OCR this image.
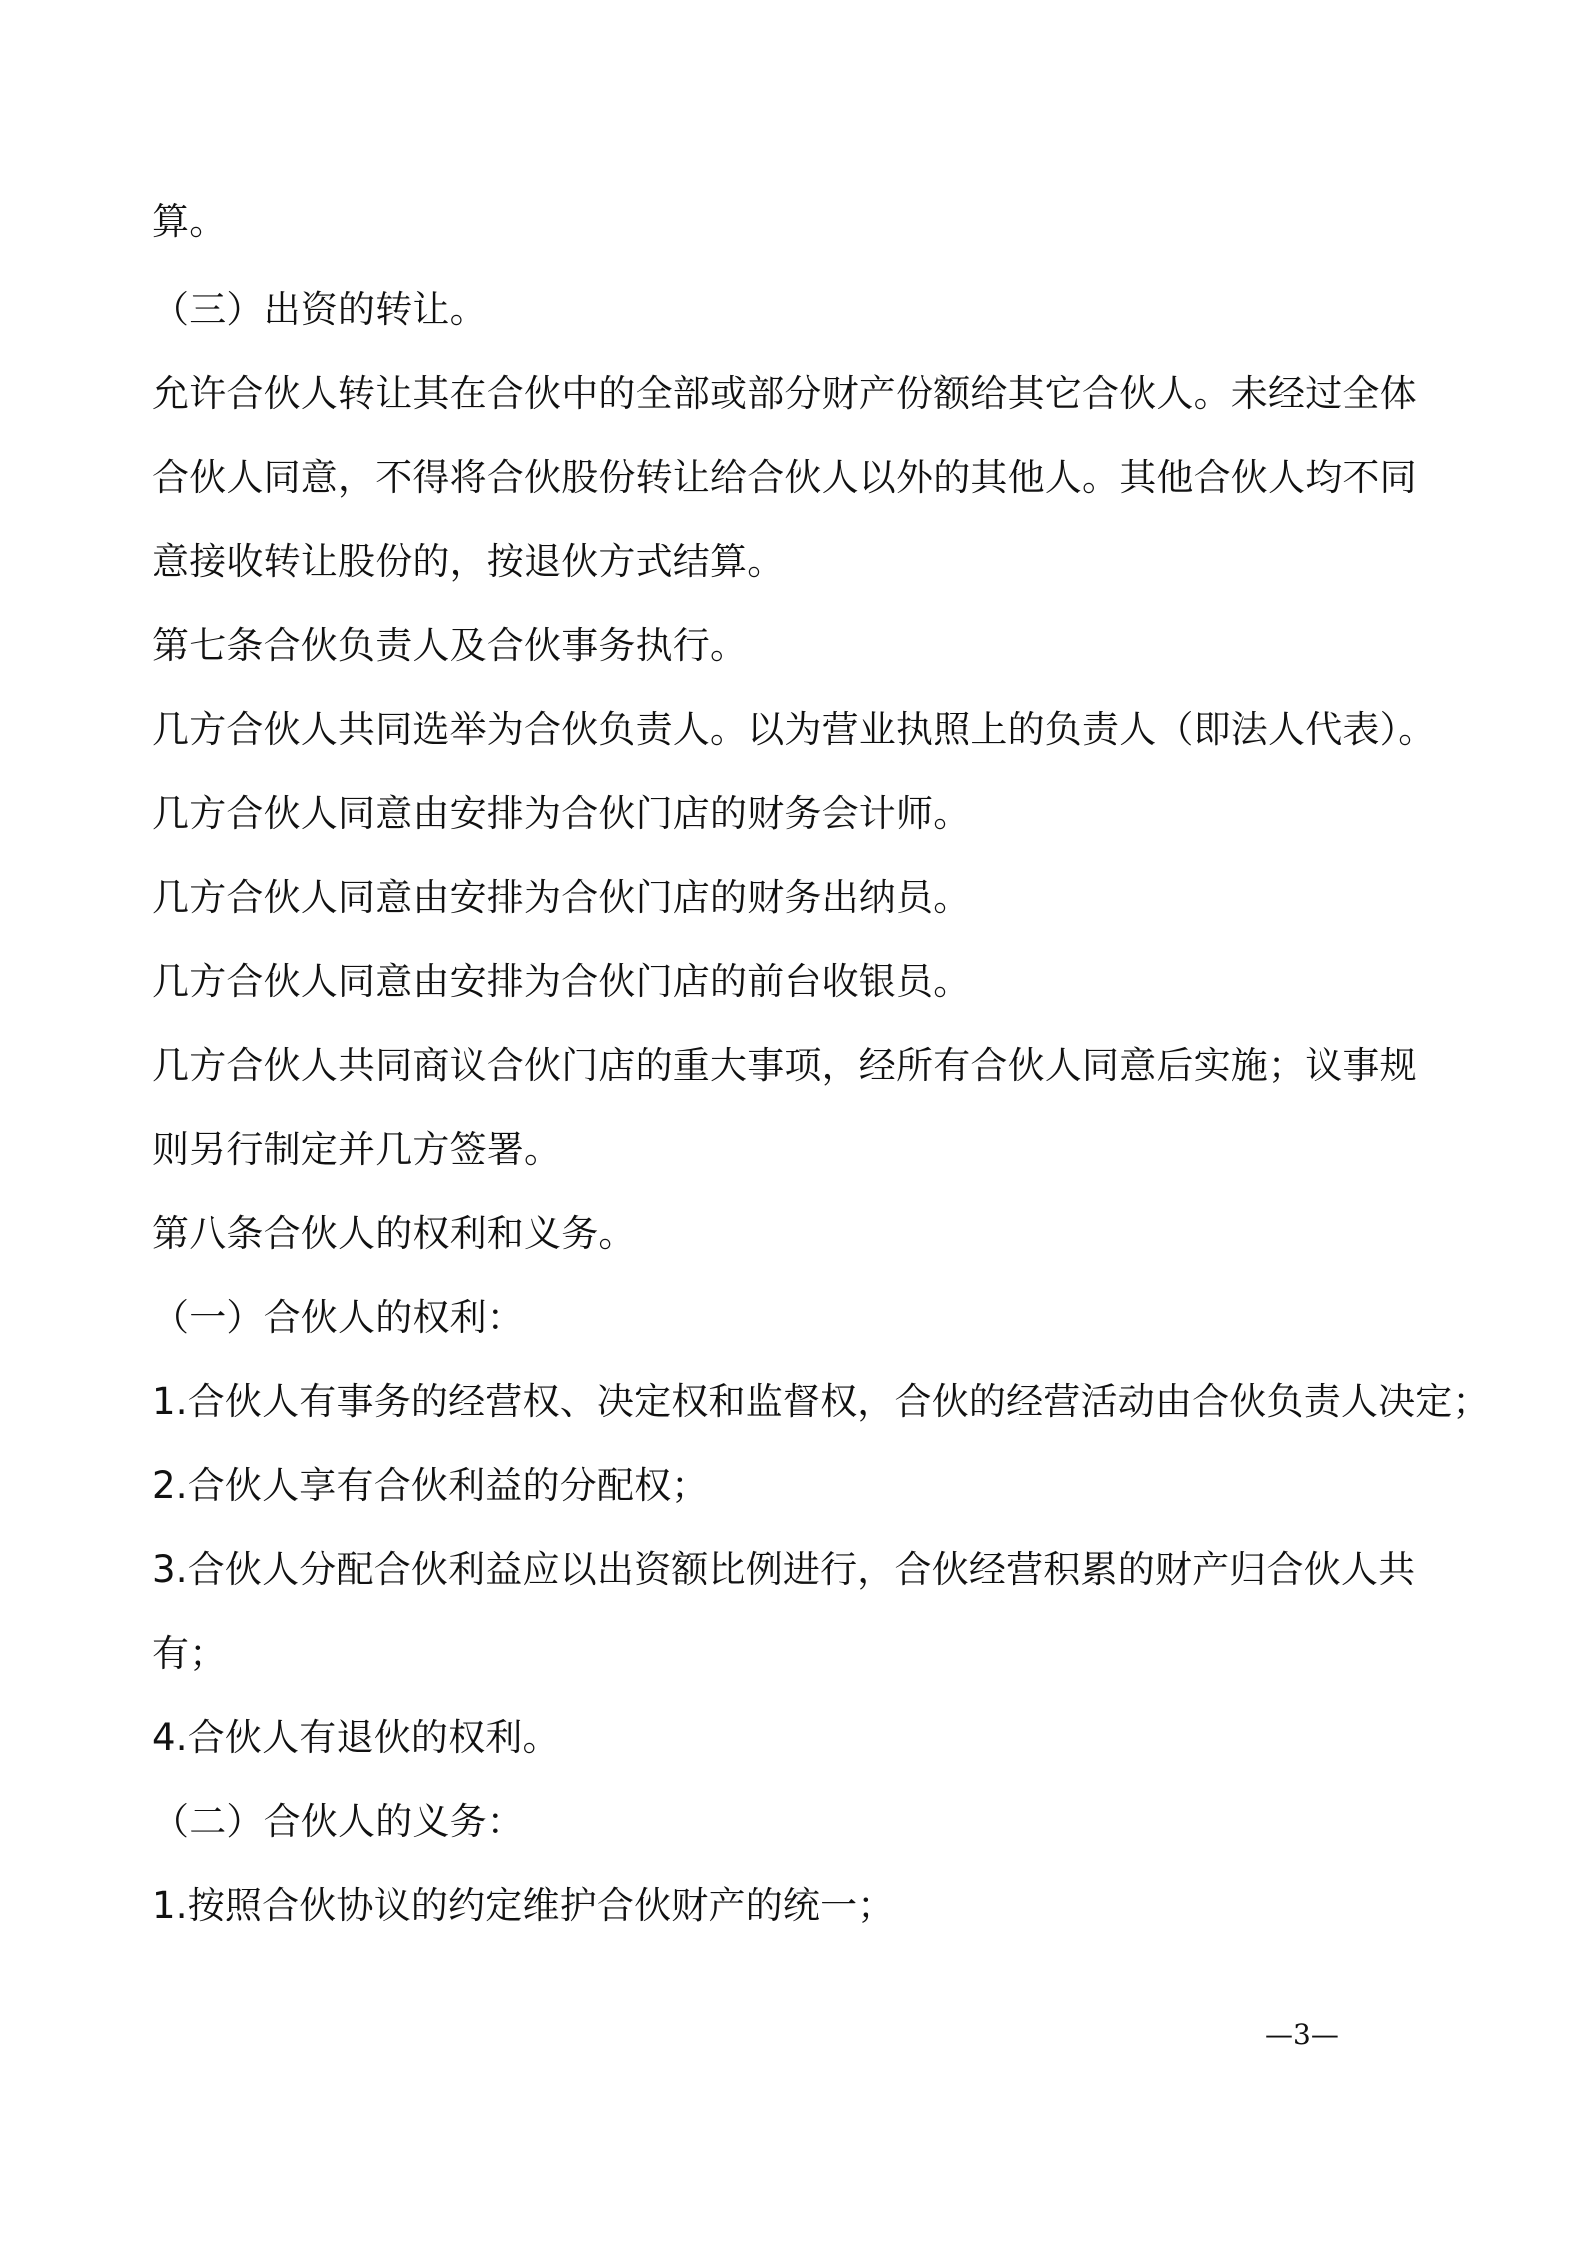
算。
（三）出资的转让。
允许合伙人转让其在合伙中的全部或部分财产份额给其它合伙人。未经过全体
合伙人同意，不得将合伙股份转让给合伙人以外的其他人。其他合伙人均不同
意接收转让股份的，按退伙方式结算。
第七条合伙负责人及合伙事务执行。
几方合伙人共同选举为合伙负责人。以为营业执照上的负责人（即法人代表）。
几方合伙人同意由安排为合伙门店的财务会计师。
几方合伙人同意由安排为合伙门店的财务出纳员。
几方合伙人同意由安排为合伙门店的前台收银员。
几方合伙人共同商议合伙门店的重大事项，经所有合伙人同意后实施；议事规
则另行制定并几方签署。
第八条合伙人的权利和义务。
（一）合伙人的权利：
1.合伙人有事务的经营权、决定权和监督权，合伙的经营活动由合伙负责人决定；
2.合伙人享有合伙利益的分配权；
3.合伙人分配合伙利益应以出资额比例进行，合伙经营积累的财产归合伙人共
有；
4.合伙人有退伙的权利。
（二）合伙人的义务：
1.按照合伙协议的约定维护合伙财产的统一；
—3—
